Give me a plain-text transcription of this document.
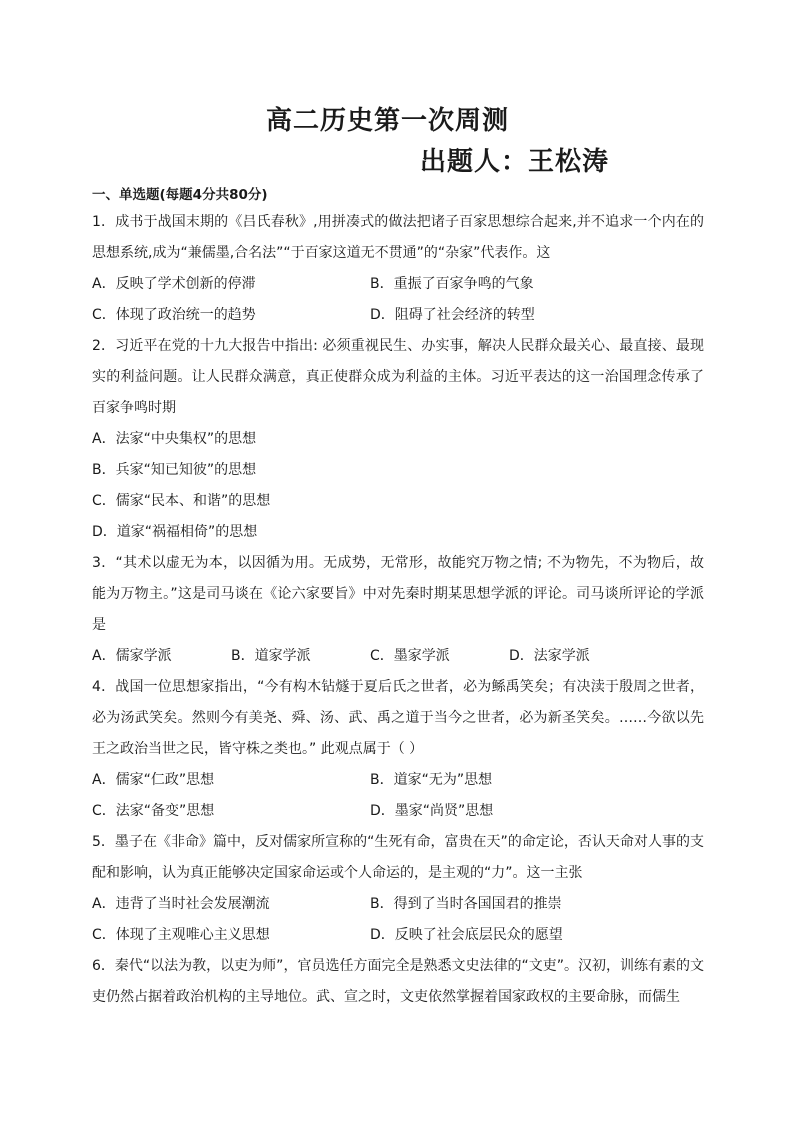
高二历史第一次周测
出题人：王松涛
一、单选题(每题4分共80分)
1．成书于战国末期的《吕氏春秋》,用拼凑式的做法把诸子百家思想综合起来,并不追求一个内在的思想系统,成为“兼儒墨,合名法”“于百家这道无不贯通”的“杂家”代表作。这
A．反映了学术创新的停滞	B．重振了百家争鸣的气象
C．体现了政治统一的趋势	D．阻碍了社会经济的转型
2．习近平在党的十九大报告中指出: 必须重视民生、办实事，解决人民群众最关心、最直接、最现实的利益问题。让人民群众满意，真正使群众成为利益的主体。习近平表达的这一治国理念传承了百家争鸣时期
A．法家“中央集权”的思想
B．兵家“知已知彼”的思想
C．儒家“民本、和谐”的思想
D．道家“祸福相倚”的思想
3．“其术以虚无为本，以因循为用。无成势，无常形，故能究万物之情; 不为物先，不为物后，故能为万物主。”这是司马谈在《论六家要旨》中对先秦时期某思想学派的评论。司马谈所评论的学派是
A．儒家学派	B．道家学派	C．墨家学派	D．法家学派
4．战国一位思想家指出，“今有构木钻燧于夏后氏之世者，必为鲧禹笑矣；有决渎于殷周之世者，必为汤武笑矣。然则今有美尧、舜、汤、武、禹之道于当今之世者，必为新圣笑矣。……今欲以先王之政治当世之民，皆守株之类也。” 此观点属于（ ）
A．儒家“仁政”思想	B．道家“无为”思想
C．法家“备变”思想	D．墨家“尚贤”思想
5．墨子在《非命》篇中，反对儒家所宣称的“生死有命，富贵在天”的命定论，否认天命对人事的支配和影响，认为真正能够决定国家命运或个人命运的，是主观的“力”。这一主张
A．违背了当时社会发展潮流	B．得到了当时各国国君的推崇
C．体现了主观唯心主义思想	D．反映了社会底层民众的愿望
6．秦代“以法为教，以吏为师”，官员选任方面完全是熟悉文史法律的“文吏”。汉初，训练有素的文吏仍然占据着政治机构的主导地位。武、宣之时，文吏依然掌握着国家政权的主要命脉，而儒生
